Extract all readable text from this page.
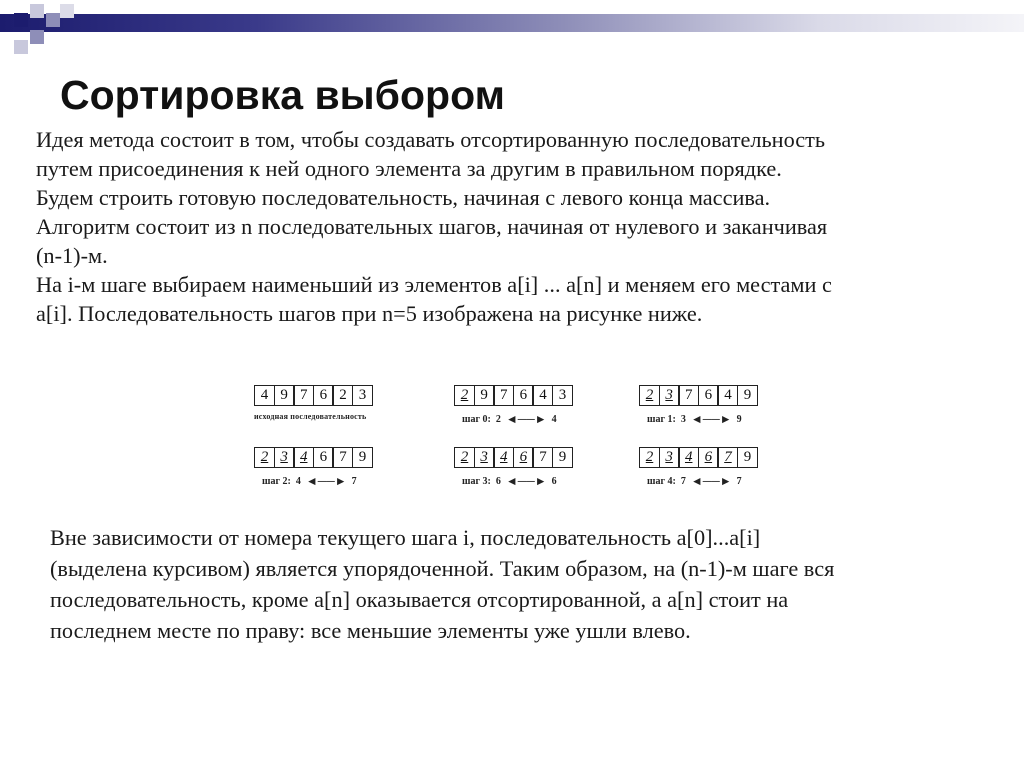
Сортировка выбором

Идея метода состоит в том, чтобы создавать отсортированную последовательность

путем присоединения к ней одного элемента за другим в правильном порядке.

Будем строить готовую последовательность, начиная с левого конца массива.

Алгоритм состоит из n последовательных шагов, начиная от нулевого и заканчивая

(n-1)-м.

На i-м шаге выбираем наименьший из элементов a[i] ... a[n] и меняем его местами с

a[i]. Последовательность шагов при n=5 изображена на рисунке ниже.

4 9 7 6 2 3
исходная последовательность
2 9 7 6 4 3
шаг 0: 2 ◄──► 4
2 3 7 6 4 9
шаг 1: 3 ◄──► 9
2 3 4 6 7 9
шаг 2: 4 ◄──► 7
2 3 4 6 7 9
шаг 3: 6 ◄──► 6
2 3 4 6 7 9
шаг 4: 7 ◄──► 7
Вне зависимости от номера текущего шага i, последовательность a[0]...a[i]
(выделена курсивом) является упорядоченной. Таким образом, на (n-1)-м шаге вся
последовательность, кроме a[n] оказывается отсортированной, а a[n] стоит на
последнем месте по праву: все меньшие элементы уже ушли влево.
